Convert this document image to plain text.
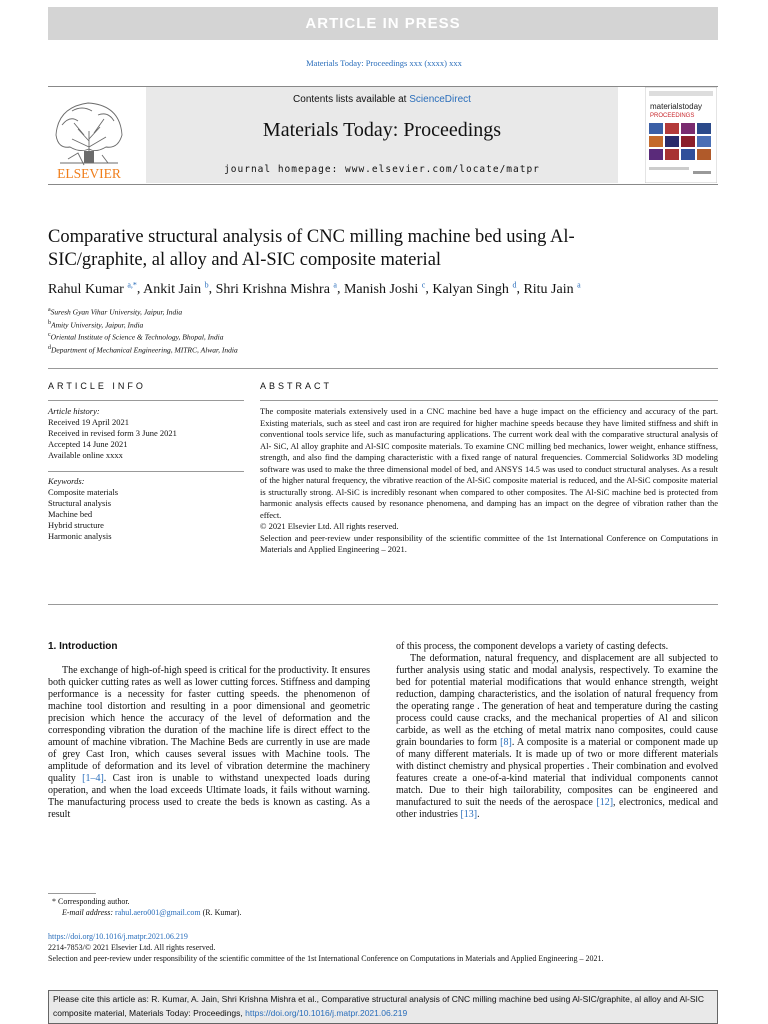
ARTICLE IN PRESS
Materials Today: Proceedings xxx (xxxx) xxx
ELSEVIER
Contents lists available at ScienceDirect
Materials Today: Proceedings
journal homepage: www.elsevier.com/locate/matpr
materialstoday
PROCEEDINGS
Comparative structural analysis of CNC milling machine bed using Al-SIC/graphite, al alloy and Al-SIC composite material
Rahul Kumar $^{a,*}$, Ankit Jain $^b$, Shri Krishna Mishra $^a$, Manish Joshi $^c$, Kalyan Singh $^d$, Ritu Jain $^a$
$^a$Suresh Gyan Vihar University, Jaipur, India
$^b$Amity University, Jaipur, India
$^c$Oriental Institute of Science & Technology, Bhopal, India
$^d$Department of Mechanical Engineering, MITRC, Alwar, India
ARTICLE INFO	ABSTRACT
Article history:
Received 19 April 2021
Received in revised form 3 June 2021
Accepted 14 June 2021
Available online xxxx
Keywords:
Composite materials
Structural analysis
Machine bed
Hybrid structure
Harmonic analysis

The composite materials extensively used in a CNC machine bed have a huge impact on the efficiency and accuracy of the part. Existing materials, such as steel and cast iron are required for higher machine speeds because they have limited stiffness and shift in conventional tools service life, such as manufacturing applications. The current work deal with the comparative structural analysis of Al- SiC, Al alloy graphite and Al-SIC composite materials. To examine CNC milling bed mechanics, lower weight, enhance stiffness, strength, and also find the damping characteristic with a fixed range of natural frequencies. Commercial Solidworks 3D modeling software was used to make the three dimensional model of bed, and ANSYS 14.5 was used to conduct structural analyses. As a result of the higher natural frequency, the vibrative reaction of the Al-SiC composite material is reduced, and the Al-SiC composite material is structurally strong. Al-SiC is incredibly resonant when compared to other composites. The Al-SiC machine bed is protected from harmonic analysis effects caused by resonance phenomena, and damping has an impact on the degree of vibration rather than the effect.

© 2021 Elsevier Ltd. All rights reserved.

Selection and peer-review under responsibility of the scientific committee of the 1st International Conference on Computations in Materials and Applied Engineering – 2021.

1. Introduction

The exchange of high-of-high speed is critical for the productivity. It ensures both quicker cutting rates as well as lower cutting forces. Stiffness and damping performance is a necessity for faster cutting speeds. the phenomenon of machine tool distortion and resulting in a poor dimensional and geometric precision which hence the accuracy of the level of deformation and the corresponding vibration the duration of the machine life is direct effect to the amount of machine vibration. The Machine Beds are currently in use are made of grey Cast Iron, which causes several issues with Machine tools. The amplitude of deformation and its level of vibration determine the machinery quality [1–4]. Cast iron is unable to withstand unexpected loads during operation, and when the load exceeds Ultimate loads, it fails without warning. The manufacturing process used to create the beds is known as casting. As a result

of this process, the component develops a variety of casting defects.

The deformation, natural frequency, and displacement are all subjected to further analysis using static and modal analysis, respectively. To examine the bed for potential material modifications that would enhance strength, weight reduction, damping characteristics, and the isolation of natural frequency from the operating range . The generation of heat and temperature during the casting process could cause cracks, and the mechanical properties of Al and silicon carbide, as well as the etching of metal matrix nano composites, could cause grain boundaries to form [8]. A composite is a material or component made up of many different materials. It is made up of two or more different materials with distinct chemistry and physical properties . Their combination and evolved features create a one-of-a-kind material that individual components cannot match. Due to their high tailorability, composites can be engineered and manufactured to suit the needs of the aerospace [12], electronics, medical and other industries [13].

* Corresponding author.
E-mail address: rahul.aero001@gmail.com (R. Kumar).
https://doi.org/10.1016/j.matpr.2021.06.219
2214-7853/© 2021 Elsevier Ltd. All rights reserved.
Selection and peer-review under responsibility of the scientific committee of the 1st International Conference on Computations in Materials and Applied Engineering – 2021.
Please cite this article as: R. Kumar, A. Jain, Shri Krishna Mishra et al., Comparative structural analysis of CNC milling machine bed using Al-SIC/graphite, al alloy and Al-SIC composite material, Materials Today: Proceedings, https://doi.org/10.1016/j.matpr.2021.06.219
